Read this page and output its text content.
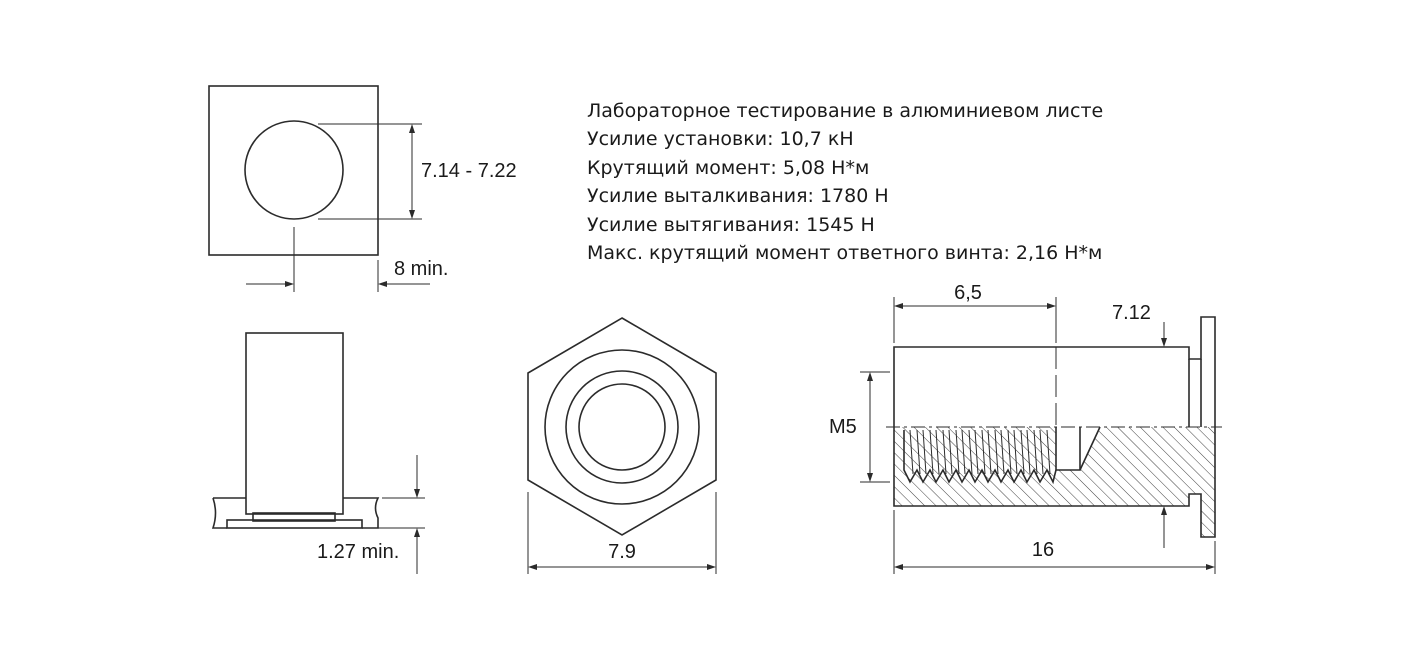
Лабораторное тестирование в алюминиевом листе
Усилие установки: 10,7 кН
Крутящий момент: 5,08 Н*м
Усилие выталкивания: 1780 Н
Усилие вытягивания: 1545 Н
Макс. крутящий момент ответного винта: 2,16 Н*м
7.14 - 7.22
8 min.
1.27 min.	7.9
6,5
7.12
M5
16
